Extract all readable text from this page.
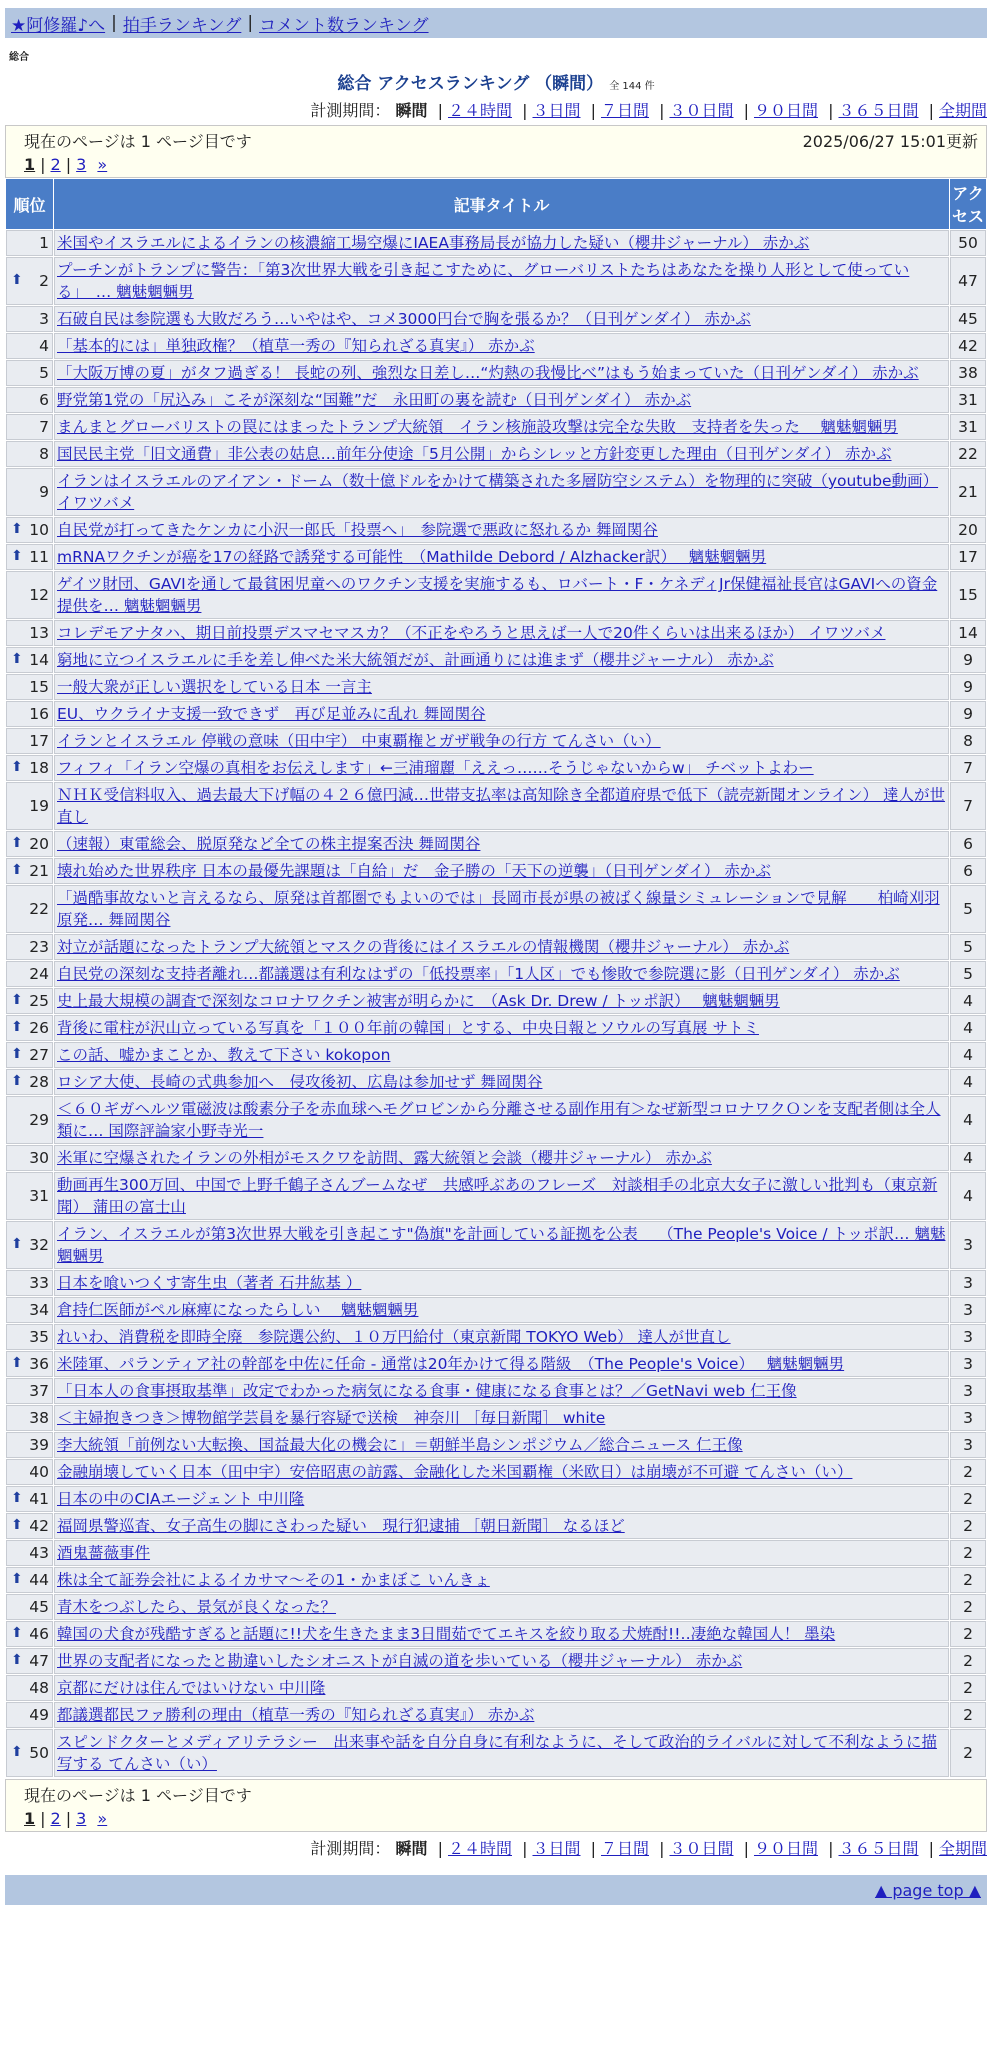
★阿修羅♪へ | 拍手ランキング | コメント数ランキング
総合
総合 アクセスランキング （瞬間） 全 144 件
計測期間： 瞬間 | ２４時間 | ３日間 | ７日間 | ３０日間 | ９０日間 | ３６５日間 | 全期間
現在のページは 1 ページ目です	2025/06/27 15:01更新
1 | 2 | 3 »
順位	記事タイトル	アクセス
1	米国やイスラエルによるイランの核濃縮工場空爆にIAEA事務局長が協力した疑い（櫻井ジャーナル） 赤かぶ	50

⬆ 2	プーチンがトランプに警告：「第3次世界大戦を引き起こすために、グローバリストたちはあなたを操り人形として使っている」　… 魑魅魍魎男	47
3	石破自民は参院選も大敗だろう…いやはや、コメ3000円台で胸を張るか？（日刊ゲンダイ） 赤かぶ	45
4	「基本的には」単独政権？（植草一秀の『知られざる真実』） 赤かぶ	42
5	「大阪万博の夏」がタフ過ぎる！ 長蛇の列、強烈な日差し…“灼熱の我慢比べ”はもう始まっていた（日刊ゲンダイ） 赤かぶ	38
6	野党第1党の「尻込み」こそが深刻な“国難”だ　永田町の裏を読む（日刊ゲンダイ） 赤かぶ	31
7	まんまとグローバリストの罠にはまったトランプ大統領　イラン核施設攻撃は完全な失敗　支持者を失った　 魑魅魍魎男	31
8	国民民主党「旧文通費」非公表の姑息…前年分使途「5月公開」からシレッと方針変更した理由（日刊ゲンダイ） 赤かぶ	22
9	イランはイスラエルのアイアン・ドーム（数十億ドルをかけて構築された多層防空システム）を物理的に突破（youtube動画） イワツバメ	21

⬆ 10	自民党が打ってきたケンカに小沢一郎氏「投票へ」　参院選で悪政に怒れるか 舞岡関谷	20

⬆ 11	mRNAワクチンが癌を17の経路で誘発する可能性　（Mathilde Debord / Alzhacker訳）　 魑魅魍魎男	17
12	ゲイツ財団、GAVIを通して最貧困児童へのワクチン支援を実施するも、ロバート・F・ケネディJr保健福祉長官はGAVIへの資金提供を… 魑魅魍魎男	15
13	コレデモアナタハ、期日前投票デスマセマスカ？（不正をやろうと思えば一人で20件くらいは出来るほか） イワツバメ	14

⬆ 14	窮地に立つイスラエルに手を差し伸べた米大統領だが、計画通りには進まず（櫻井ジャーナル） 赤かぶ	9
15	一般大衆が正しい選択をしている日本 一言主	9
16	EU、ウクライナ支援一致できず　再び足並みに乱れ 舞岡関谷	9
17	イランとイスラエル 停戦の意味（田中宇） 中東覇権とガザ戦争の行方 てんさい（い）	8

⬆ 18	フィフィ「イラン空爆の真相をお伝えします」←三浦瑠麗「ええっ……そうじゃないからw」 チベットよわー	7
19	ＮＨＫ受信料収入、過去最大下げ幅の４２６億円減…世帯支払率は高知除き全都道府県で低下（読売新聞オンライン） 達人が世直し	7

⬆ 20	（速報）東電総会、脱原発など全ての株主提案否決 舞岡関谷	6

⬆ 21	壊れ始めた世界秩序 日本の最優先課題は「自給」だ　金子勝の「天下の逆襲」（日刊ゲンダイ） 赤かぶ	6
22	「過酷事故ないと言えるなら、原発は首都圏でもよいのでは」長岡市長が県の被ばく線量シミュレーションで見解　　柏崎刈羽原発… 舞岡関谷	5
23	対立が話題になったトランプ大統領とマスクの背後にはイスラエルの情報機関（櫻井ジャーナル） 赤かぶ	5
24	自民党の深刻な支持者離れ…都議選は有利なはずの「低投票率」「1人区」でも惨敗で参院選に影（日刊ゲンダイ） 赤かぶ	5

⬆ 25	史上最大規模の調査で深刻なコロナワクチン被害が明らかに　（Ask Dr. Drew / トッポ訳）　 魑魅魍魎男	4

⬆ 26	背後に電柱が沢山立っている写真を「１００年前の韓国」とする、中央日報とソウルの写真展 サトミ	4

⬆ 27	この話、嘘かまことか、教えて下さい kokopon	4

⬆ 28	ロシア大使、長崎の式典参加へ　侵攻後初、広島は参加せず 舞岡関谷	4
29	＜６０ギガヘルツ電磁波は酸素分子を赤血球ヘモグロビンから分離させる副作用有＞なぜ新型コロナワクＯンを支配者側は全人類に… 国際評論家小野寺光一	4
30	米軍に空爆されたイランの外相がモスクワを訪問、露大統領と会談（櫻井ジャーナル） 赤かぶ	4
31	動画再生300万回、中国で上野千鶴子さんブームなぜ　共感呼ぶあのフレーズ　対談相手の北京大女子に激しい批判も（東京新聞） 蒲田の富士山	4

⬆ 32	イラン、イスラエルが第3次世界大戦を引き起こす"偽旗"を計画している証拠を公表　 （The People's Voice / トッポ訳… 魑魅魍魎男	3
33	日本を喰いつくす寄生虫（著者 石井紘基 ）	3
34	倉持仁医師がペル麻痺になったらしい　 魑魅魍魎男	3
35	れいわ、消費税を即時全廃　参院選公約、１０万円給付（東京新聞 TOKYO Web） 達人が世直し	3

⬆ 36	米陸軍、パランティア社の幹部を中佐に任命 - 通常は20年かけて得る階級　（The People's Voice）　 魑魅魍魎男	3
37	「日本人の食事摂取基準」改定でわかった病気になる食事・健康になる食事とは？／GetNavi web 仁王像	3
38	＜主婦抱きつき＞博物館学芸員を暴行容疑で送検　神奈川 ［毎日新聞］ white	3
39	李大統領「前例ない大転換、国益最大化の機会に」＝朝鮮半島シンポジウム／総合ニュース 仁王像	3
40	金融崩壊していく日本（田中宇）安倍昭恵の訪露、金融化した米国覇権（米欧日）は崩壊が不可避 てんさい（い）	2

⬆ 41	日本の中のCIAエージェント 中川隆	2

⬆ 42	福岡県警巡査、女子高生の脚にさわった疑い　現行犯逮捕 ［朝日新聞］ なるほど	2
43	酒鬼薔薇事件	2

⬆ 44	株は全て証券会社によるイカサマ〜その1・かまぼこ いんきょ	2
45	青木をつぶしたら、景気が良くなった？	2

⬆ 46	韓国の犬食が残酷すぎると話題に!!犬を生きたまま3日間茹でてエキスを絞り取る犬焼酎!!‥凄絶な韓国人！ 墨染	2

⬆ 47	世界の支配者になったと勘違いしたシオニストが自滅の道を歩いている（櫻井ジャーナル） 赤かぶ	2
48	京都にだけは住んではいけない 中川隆	2
49	都議選都民ファ勝利の理由（植草一秀の『知られざる真実』） 赤かぶ	2

⬆ 50	スピンドクターとメディアリテラシー　出来事や話を自分自身に有利なように、そして政治的ライバルに対して不利なように描写する てんさい（い）	2
現在のページは 1 ページ目です
1 | 2 | 3 »
計測期間： 瞬間 | ２４時間 | ３日間 | ７日間 | ３０日間 | ９０日間 | ３６５日間 | 全期間
▲ page top ▲
